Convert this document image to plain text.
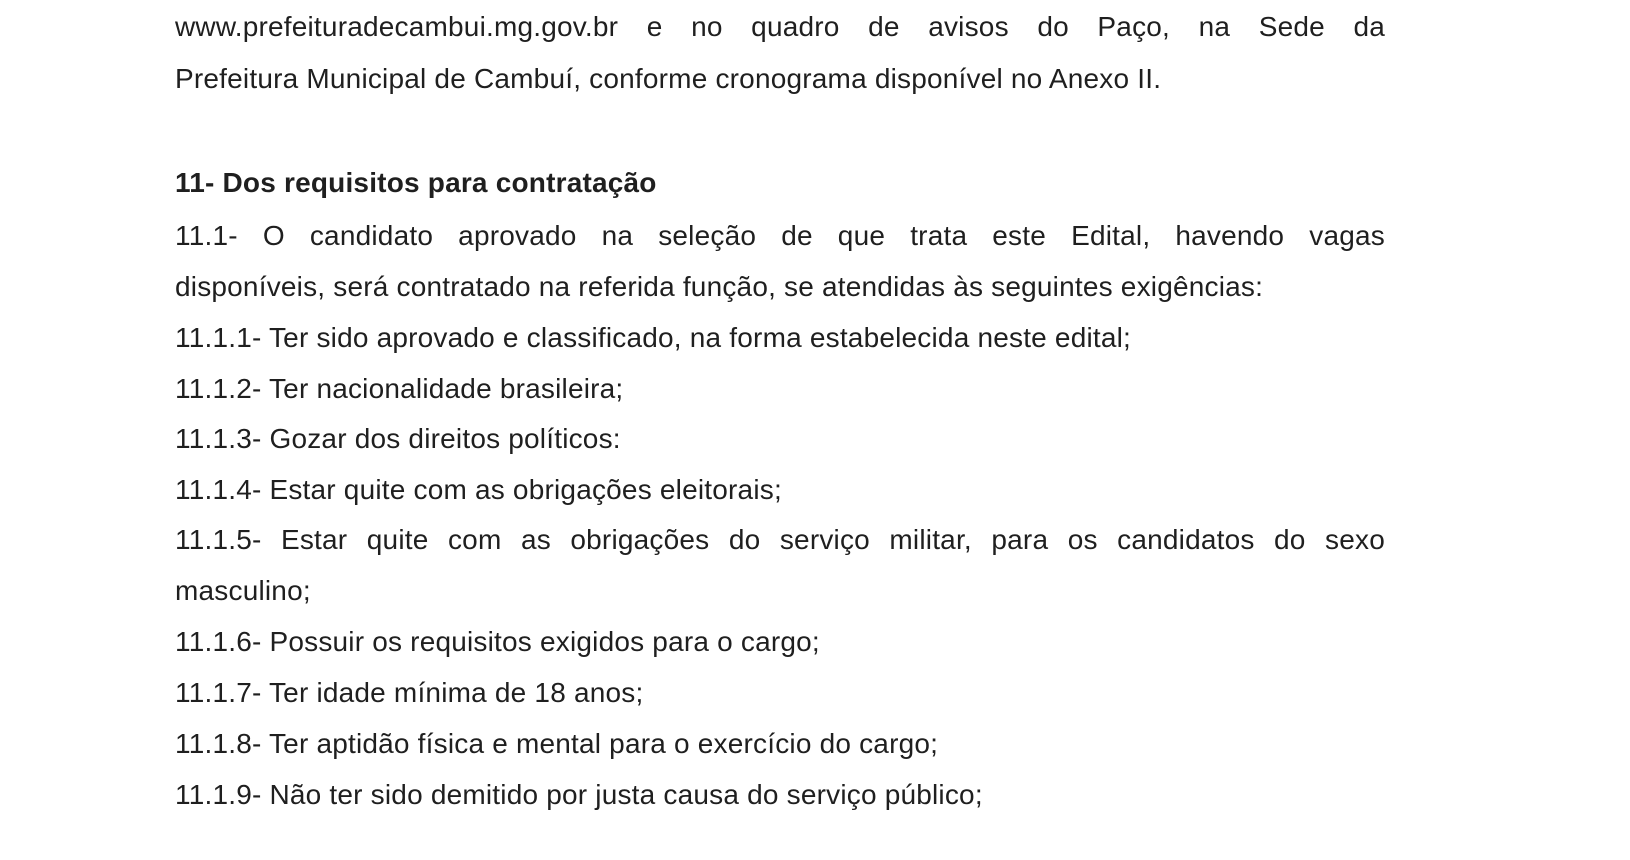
www.prefeituradecambui.mg.gov.br e no quadro de avisos do Paço, na Sede da
Prefeitura Municipal de Cambuí, conforme cronograma disponível no Anexo II.
11- Dos requisitos para contratação
11.1- O candidato aprovado na seleção de que trata este Edital, havendo vagas
disponíveis, será contratado na referida função, se atendidas às seguintes exigências:
11.1.1- Ter sido aprovado e classificado, na forma estabelecida neste edital;
11.1.2- Ter nacionalidade brasileira;
11.1.3- Gozar dos direitos políticos:
11.1.4- Estar quite com as obrigações eleitorais;
11.1.5- Estar quite com as obrigações do serviço militar, para os candidatos do sexo
masculino;
11.1.6- Possuir os requisitos exigidos para o cargo;
11.1.7- Ter idade mínima de 18 anos;
11.1.8- Ter aptidão física e mental para o exercício do cargo;
11.1.9- Não ter sido demitido por justa causa do serviço público;
